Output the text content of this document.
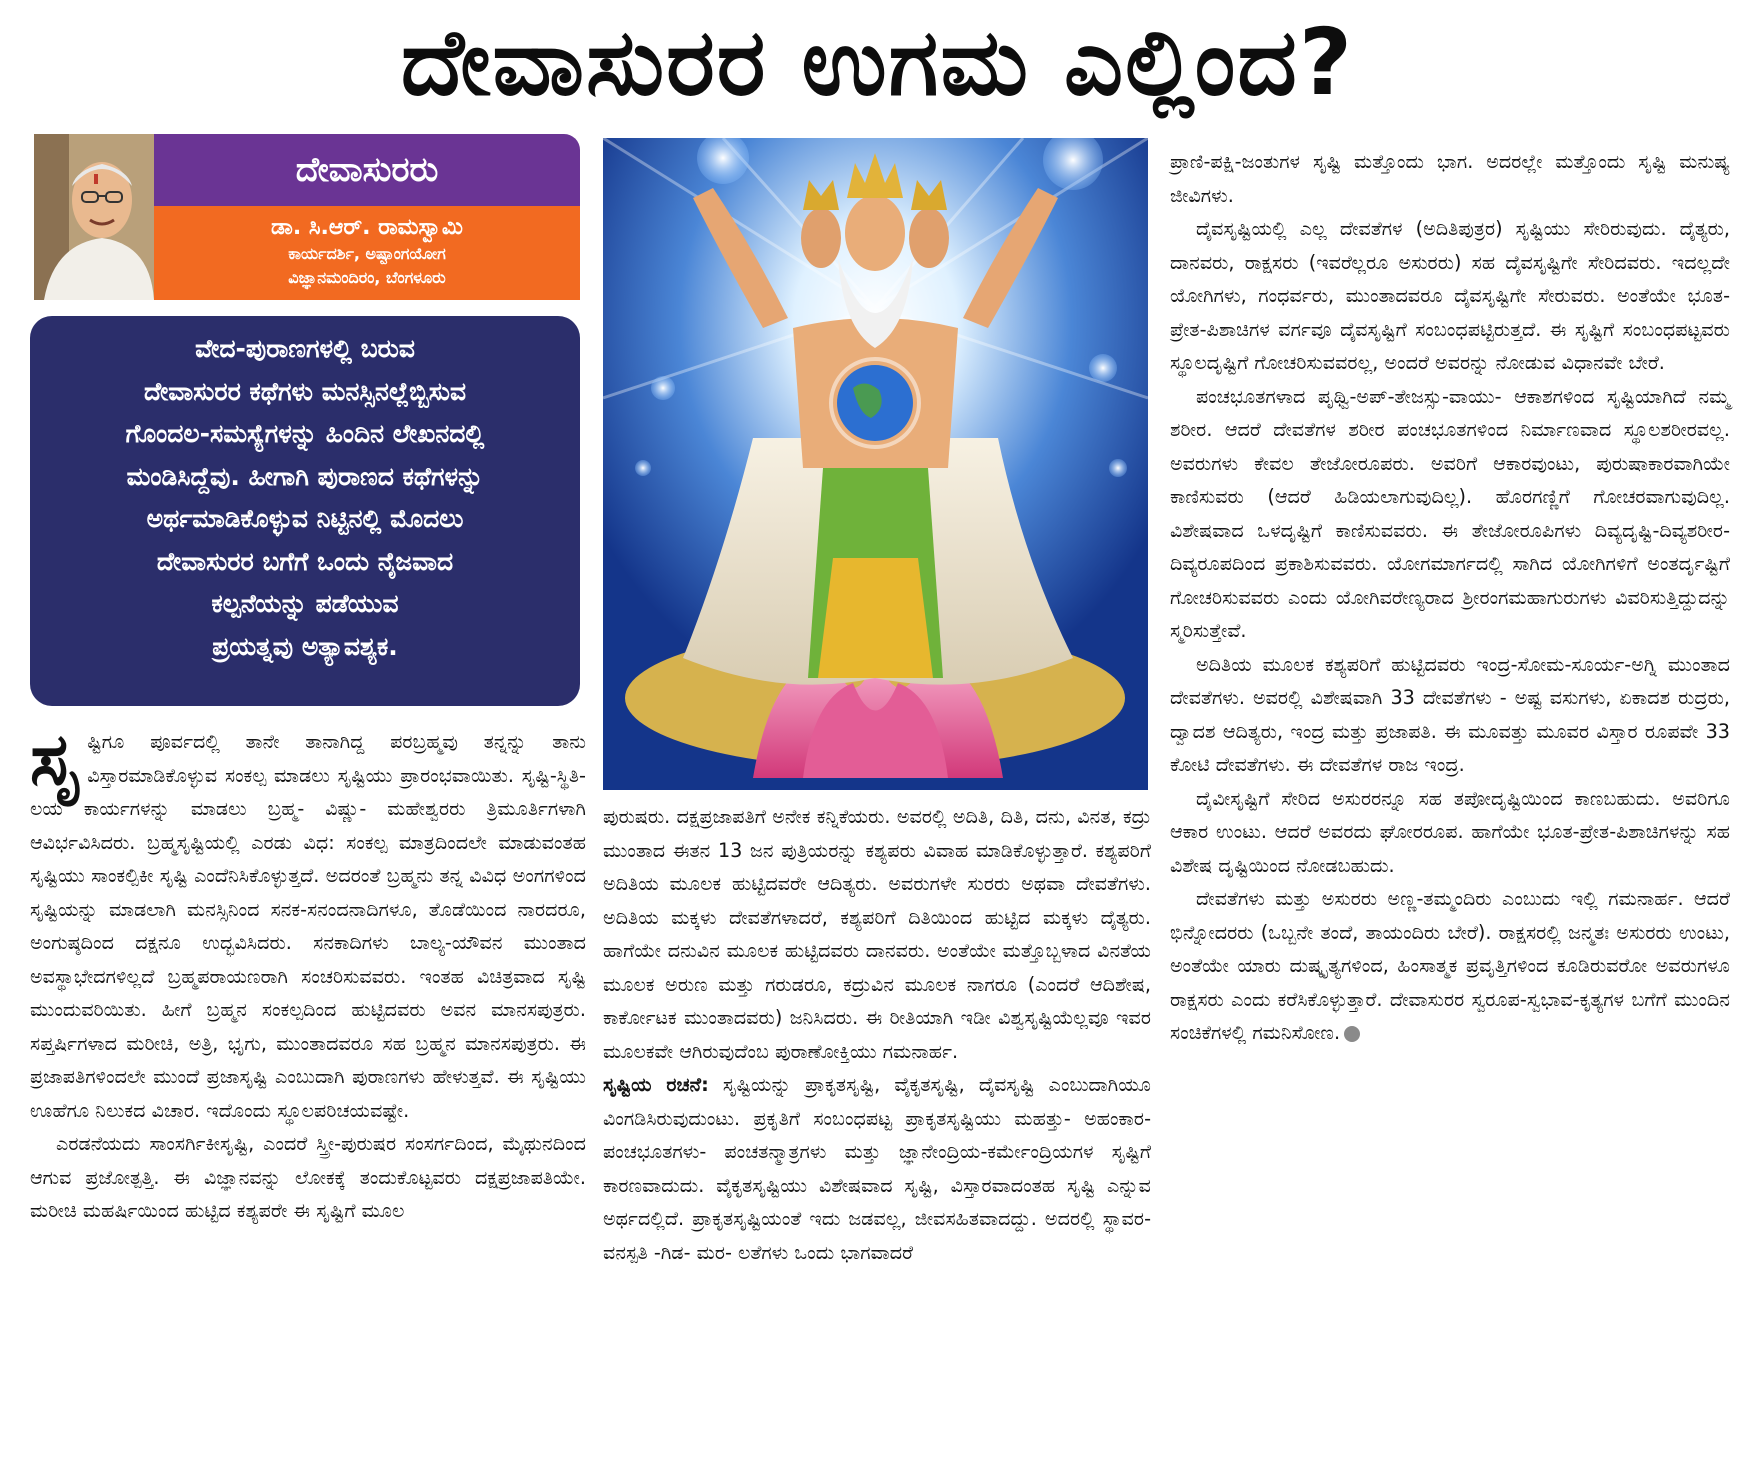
ದೇವಾಸುರರ ಉಗಮ ಎಲ್ಲಿಂದ?
ದೇವಾಸುರರು
ಡಾ. ಸಿ.ಆರ್. ರಾಮಸ್ವಾಮಿ
ಕಾರ್ಯದರ್ಶಿ, ಅಷ್ಟಾಂಗಯೋಗ
ವಿಜ್ಞಾನಮಂದಿರಂ, ಬೆಂಗಳೂರು
ವೇದ-ಪುರಾಣಗಳಲ್ಲಿ ಬರುವ
ದೇವಾಸುರರ ಕಥೆಗಳು ಮನಸ್ಸಿನಲ್ಲೆಬ್ಬಿಸುವ
ಗೊಂದಲ-ಸಮಸ್ಯೆಗಳನ್ನು ಹಿಂದಿನ ಲೇಖನದಲ್ಲಿ
ಮಂಡಿಸಿದ್ದೆವು. ಹೀಗಾಗಿ ಪುರಾಣದ ಕಥೆಗಳನ್ನು
ಅರ್ಥಮಾಡಿಕೊಳ್ಳುವ ನಿಟ್ಟಿನಲ್ಲಿ ಮೊದಲು
ದೇವಾಸುರರ ಬಗೆಗೆ ಒಂದು ನೈಜವಾದ
ಕಲ್ಪನೆಯನ್ನು ಪಡೆಯುವ
ಪ್ರಯತ್ನವು ಅತ್ಯಾವಶ್ಯಕ.

ಸೃಷ್ಟಿಗೂ ಪೂರ್ವದಲ್ಲಿ ತಾನೇ ತಾನಾಗಿದ್ದ ಪರಬ್ರಹ್ಮವು ತನ್ನನ್ನು ತಾನು ವಿಸ್ತಾರಮಾಡಿಕೊಳ್ಳುವ ಸಂಕಲ್ಪ ಮಾಡಲು ಸೃಷ್ಟಿಯು ಪ್ರಾರಂಭವಾಯಿತು. ಸೃಷ್ಟಿ-ಸ್ಥಿತಿ- ಲಯ ಕಾರ್ಯಗಳನ್ನು ಮಾಡಲು ಬ್ರಹ್ಮ- ವಿಷ್ಣು- ಮಹೇಶ್ವರರು ತ್ರಿಮೂರ್ತಿಗಳಾಗಿ ಆವಿರ್ಭವಿಸಿದರು. ಬ್ರಹ್ಮಸೃಷ್ಟಿಯಲ್ಲಿ ಎರಡು ವಿಧ: ಸಂಕಲ್ಪ ಮಾತ್ರದಿಂದಲೇ ಮಾಡುವಂತಹ ಸೃಷ್ಟಿಯು ಸಾಂಕಲ್ಪಿಕೀ ಸೃಷ್ಟಿ ಎಂದೆನಿಸಿಕೊಳ್ಳುತ್ತದೆ. ಅದರಂತೆ ಬ್ರಹ್ಮನು ತನ್ನ ವಿವಿಧ ಅಂಗಗಳಿಂದ ಸೃಷ್ಟಿಯನ್ನು ಮಾಡಲಾಗಿ ಮನಸ್ಸಿನಿಂದ ಸನಕ-ಸನಂದನಾದಿಗಳೂ, ತೊಡೆಯಿಂದ ನಾರದರೂ, ಅಂಗುಷ್ಠದಿಂದ ದಕ್ಷನೂ ಉದ್ಭವಿಸಿದರು. ಸನಕಾದಿಗಳು ಬಾಲ್ಯ-ಯೌವನ ಮುಂತಾದ ಅವಸ್ಥಾಭೇದಗಳಿಲ್ಲದೆ ಬ್ರಹ್ಮಪರಾಯಣರಾಗಿ ಸಂಚರಿಸುವವರು. ಇಂತಹ ವಿಚಿತ್ರವಾದ ಸೃಷ್ಟಿ ಮುಂದುವರಿಯಿತು. ಹೀಗೆ ಬ್ರಹ್ಮನ ಸಂಕಲ್ಪದಿಂದ ಹುಟ್ಟಿದವರು ಅವನ ಮಾನಸಪುತ್ರರು. ಸಪ್ತರ್ಷಿಗಳಾದ ಮರೀಚಿ, ಅತ್ರಿ, ಭೃಗು, ಮುಂತಾದವರೂ ಸಹ ಬ್ರಹ್ಮನ ಮಾನಸಪುತ್ರರು. ಈ ಪ್ರಜಾಪತಿಗಳಿಂದಲೇ ಮುಂದೆ ಪ್ರಜಾಸೃಷ್ಟಿ ಎಂಬುದಾಗಿ ಪುರಾಣಗಳು ಹೇಳುತ್ತವೆ. ಈ ಸೃಷ್ಟಿಯು ಊಹೆಗೂ ನಿಲುಕದ ವಿಚಾರ. ಇದೊಂದು ಸ್ಥೂಲಪರಿಚಯವಷ್ಟೇ.

ಎರಡನೆಯದು ಸಾಂಸರ್ಗಿಕೀಸೃಷ್ಟಿ, ಎಂದರೆ ಸ್ತ್ರೀ-ಪುರುಷರ ಸಂಸರ್ಗದಿಂದ, ಮೈಥುನದಿಂದ ಆಗುವ ಪ್ರಜೋತ್ಪತ್ತಿ. ಈ ವಿಜ್ಞಾನವನ್ನು ಲೋಕಕ್ಕೆ ತಂದುಕೊಟ್ಟವರು ದಕ್ಷಪ್ರಜಾಪತಿಯೇ. ಮರೀಚಿ ಮಹರ್ಷಿಯಿಂದ ಹುಟ್ಟಿದ ಕಶ್ಯಪರೇ ಈ ಸೃಷ್ಟಿಗೆ ಮೂಲ

ಪುರುಷರು. ದಕ್ಷಪ್ರಜಾಪತಿಗೆ ಅನೇಕ ಕನ್ನಿಕೆಯರು. ಅವರಲ್ಲಿ ಅದಿತಿ, ದಿತಿ, ದನು, ವಿನತ, ಕದ್ರು ಮುಂತಾದ ಈತನ 13 ಜನ ಪುತ್ರಿಯರನ್ನು ಕಶ್ಯಪರು ವಿವಾಹ ಮಾಡಿಕೊಳ್ಳುತ್ತಾರೆ. ಕಶ್ಯಪರಿಗೆ ಅದಿತಿಯ ಮೂಲಕ ಹುಟ್ಟಿದವರೇ ಆದಿತ್ಯರು. ಅವರುಗಳೇ ಸುರರು ಅಥವಾ ದೇವತೆಗಳು. ಅದಿತಿಯ ಮಕ್ಕಳು ದೇವತೆಗಳಾದರೆ, ಕಶ್ಯಪರಿಗೆ ದಿತಿಯಿಂದ ಹುಟ್ಟಿದ ಮಕ್ಕಳು ದೈತ್ಯರು. ಹಾಗೆಯೇ ದನುವಿನ ಮೂಲಕ ಹುಟ್ಟಿದವರು ದಾನವರು. ಅಂತೆಯೇ ಮತ್ತೊಬ್ಬಳಾದ ವಿನತೆಯ ಮೂಲಕ ಅರುಣ ಮತ್ತು ಗರುಡರೂ, ಕದ್ರುವಿನ ಮೂಲಕ ನಾಗರೂ (ಎಂದರೆ ಆದಿಶೇಷ, ಕಾರ್ಕೋಟಕ ಮುಂತಾದವರು) ಜನಿಸಿದರು. ಈ ರೀತಿಯಾಗಿ ಇಡೀ ವಿಶ್ವಸೃಷ್ಟಿಯೆಲ್ಲವೂ ಇವರ ಮೂಲಕವೇ ಆಗಿರುವುದೆಂಬ ಪುರಾಣೋಕ್ತಿಯು ಗಮನಾರ್ಹ.

ಸೃಷ್ಟಿಯ ರಚನೆ: ಸೃಷ್ಟಿಯನ್ನು ಪ್ರಾಕೃತಸೃಷ್ಟಿ, ವೈಕೃತಸೃಷ್ಟಿ, ದೈವಸೃಷ್ಟಿ ಎಂಬುದಾಗಿಯೂ ವಿಂಗಡಿಸಿರುವುದುಂಟು. ಪ್ರಕೃತಿಗೆ ಸಂಬಂಧಪಟ್ಟ ಪ್ರಾಕೃತಸೃಷ್ಟಿಯು ಮಹತ್ತು- ಅಹಂಕಾರ- ಪಂಚಭೂತಗಳು- ಪಂಚತನ್ಮಾತ್ರಗಳು ಮತ್ತು ಜ್ಞಾನೇಂದ್ರಿಯ-ಕರ್ಮೇಂದ್ರಿಯಗಳ ಸೃಷ್ಟಿಗೆ ಕಾರಣವಾದುದು. ವೈಕೃತಸೃಷ್ಟಿಯು ವಿಶೇಷವಾದ ಸೃಷ್ಟಿ, ವಿಸ್ತಾರವಾದಂತಹ ಸೃಷ್ಟಿ ಎನ್ನುವ ಅರ್ಥದಲ್ಲಿದೆ. ಪ್ರಾಕೃತಸೃಷ್ಟಿಯಂತೆ ಇದು ಜಡವಲ್ಲ, ಜೀವಸಹಿತವಾದದ್ದು. ಅದರಲ್ಲಿ ಸ್ಥಾವರ-ವನಸ್ಪತಿ -ಗಿಡ- ಮರ- ಲತೆಗಳು ಒಂದು ಭಾಗವಾದರೆ

ಪ್ರಾಣಿ-ಪಕ್ಷಿ-ಜಂತುಗಳ ಸೃಷ್ಟಿ ಮತ್ತೊಂದು ಭಾಗ. ಅದರಲ್ಲೇ ಮತ್ತೊಂದು ಸೃಷ್ಟಿ ಮನುಷ್ಯ ಜೀವಿಗಳು.

ದೈವಸೃಷ್ಟಿಯಲ್ಲಿ ಎಲ್ಲ ದೇವತೆಗಳ (ಅದಿತಿಪುತ್ರರ) ಸೃಷ್ಟಿಯು ಸೇರಿರುವುದು. ದೈತ್ಯರು, ದಾನವರು, ರಾಕ್ಷಸರು (ಇವರೆಲ್ಲರೂ ಅಸುರರು) ಸಹ ದೈವಸೃಷ್ಟಿಗೇ ಸೇರಿದವರು. ಇದಲ್ಲದೇ ಯೋಗಿಗಳು, ಗಂಧರ್ವರು, ಮುಂತಾದವರೂ ದೈವಸೃಷ್ಟಿಗೇ ಸೇರುವರು. ಅಂತೆಯೇ ಭೂತ-ಪ್ರೇತ-ಪಿಶಾಚಿಗಳ ವರ್ಗವೂ ದೈವಸೃಷ್ಟಿಗೆ ಸಂಬಂಧಪಟ್ಟಿರುತ್ತದೆ. ಈ ಸೃಷ್ಟಿಗೆ ಸಂಬಂಧಪಟ್ಟವರು ಸ್ಥೂಲದೃಷ್ಟಿಗೆ ಗೋಚರಿಸುವವರಲ್ಲ, ಅಂದರೆ ಅವರನ್ನು ನೋಡುವ ವಿಧಾನವೇ ಬೇರೆ.

ಪಂಚಭೂತಗಳಾದ ಪೃಥ್ವಿ-ಅಪ್-ತೇಜಸ್ಸು-ವಾಯು- ಆಕಾಶಗಳಿಂದ ಸೃಷ್ಟಿಯಾಗಿದೆ ನಮ್ಮ ಶರೀರ. ಆದರೆ ದೇವತೆಗಳ ಶರೀರ ಪಂಚಭೂತಗಳಿಂದ ನಿರ್ಮಾಣವಾದ ಸ್ಥೂಲಶರೀರವಲ್ಲ. ಅವರುಗಳು ಕೇವಲ ತೇಜೋರೂಪರು. ಅವರಿಗೆ ಆಕಾರವುಂಟು, ಪುರುಷಾಕಾರವಾಗಿಯೇ ಕಾಣಿಸುವರು (ಆದರೆ ಹಿಡಿಯಲಾಗುವುದಿಲ್ಲ). ಹೊರಗಣ್ಣಿಗೆ ಗೋಚರವಾಗುವುದಿಲ್ಲ. ವಿಶೇಷವಾದ ಒಳದೃಷ್ಟಿಗೆ ಕಾಣಿಸುವವರು. ಈ ತೇಜೋರೂಪಿಗಳು ದಿವ್ಯದೃಷ್ಟಿ-ದಿವ್ಯಶರೀರ-ದಿವ್ಯರೂಪದಿಂದ ಪ್ರಕಾಶಿಸುವವರು. ಯೋಗಮಾರ್ಗದಲ್ಲಿ ಸಾಗಿದ ಯೋಗಿಗಳಿಗೆ ಅಂತರ್ದೃಷ್ಟಿಗೆ ಗೋಚರಿಸುವವರು ಎಂದು ಯೋಗಿವರೇಣ್ಯರಾದ ಶ್ರೀರಂಗಮಹಾಗುರುಗಳು ವಿವರಿಸುತ್ತಿದ್ದುದನ್ನು ಸ್ಮರಿಸುತ್ತೇವೆ.

ಅದಿತಿಯ ಮೂಲಕ ಕಶ್ಯಪರಿಗೆ ಹುಟ್ಟಿದವರು ಇಂದ್ರ-ಸೋಮ-ಸೂರ್ಯ-ಅಗ್ನಿ ಮುಂತಾದ ದೇವತೆಗಳು. ಅವರಲ್ಲಿ ವಿಶೇಷವಾಗಿ 33 ದೇವತೆಗಳು - ಅಷ್ಟ ವಸುಗಳು, ಏಕಾದಶ ರುದ್ರರು, ದ್ವಾದಶ ಆದಿತ್ಯರು, ಇಂದ್ರ ಮತ್ತು ಪ್ರಜಾಪತಿ. ಈ ಮೂವತ್ತು ಮೂವರ ವಿಸ್ತಾರ ರೂಪವೇ 33 ಕೋಟಿ ದೇವತೆಗಳು. ಈ ದೇವತೆಗಳ ರಾಜ ಇಂದ್ರ.

ದೈವೀಸೃಷ್ಟಿಗೆ ಸೇರಿದ ಅಸುರರನ್ನೂ ಸಹ ತಪೋದೃಷ್ಟಿಯಿಂದ ಕಾಣಬಹುದು. ಅವರಿಗೂ ಆಕಾರ ಉಂಟು. ಆದರೆ ಅವರದು ಘೋರರೂಪ. ಹಾಗೆಯೇ ಭೂತ-ಪ್ರೇತ-ಪಿಶಾಚಿಗಳನ್ನು ಸಹ ವಿಶೇಷ ದೃಷ್ಟಿಯಿಂದ ನೋಡಬಹುದು.

ದೇವತೆಗಳು ಮತ್ತು ಅಸುರರು ಅಣ್ಣ-ತಮ್ಮಂದಿರು ಎಂಬುದು ಇಲ್ಲಿ ಗಮನಾರ್ಹ. ಆದರೆ ಭಿನ್ನೋದರರು (ಒಬ್ಬನೇ ತಂದೆ, ತಾಯಂದಿರು ಬೇರೆ). ರಾಕ್ಷಸರಲ್ಲಿ ಜನ್ಮತಃ ಅಸುರರು ಉಂಟು, ಅಂತೆಯೇ ಯಾರು ದುಷ್ಕೃತ್ಯಗಳಿಂದ, ಹಿಂಸಾತ್ಮಕ ಪ್ರವೃತ್ತಿಗಳಿಂದ ಕೂಡಿರುವರೋ ಅವರುಗಳೂ ರಾಕ್ಷಸರು ಎಂದು ಕರೆಸಿಕೊಳ್ಳುತ್ತಾರೆ. ದೇವಾಸುರರ ಸ್ವರೂಪ-ಸ್ವಭಾವ-ಕೃತ್ಯಗಳ ಬಗೆಗೆ ಮುಂದಿನ ಸಂಚಿಕೆಗಳಲ್ಲಿ ಗಮನಿಸೋಣ.
